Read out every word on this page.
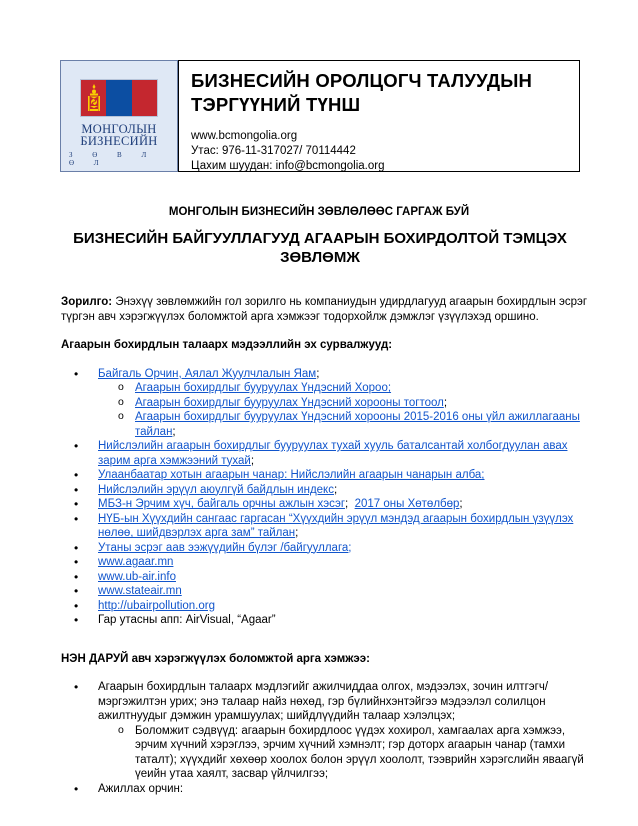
МОНГОЛЫН
БИЗНЕСИЙН
З Ө В Л Ө Л
БИЗНЕСИЙН ОРОЛЦОГЧ ТАЛУУДЫН
ТЭРГҮҮНИЙ ТҮНШ
www.bcmongolia.org
Утас: 976-11-317027/ 70114442
Цахим шуудан: info@bcmongolia.org
МОНГОЛЫН БИЗНЕСИЙН ЗӨВЛӨЛӨӨС ГАРГАЖ БУЙ
БИЗНЕСИЙН БАЙГУУЛЛАГУУД АГААРЫН БОХИРДОЛТОЙ ТЭМЦЭХ ЗӨВЛӨМЖ

Зорилго: Энэхүү зөвлөмжийн гол зорилго нь компаниудын удирдлагууд агаарын бохирдлын эсрэг түргэн авч хэрэгжүүлэх боломжтой арга хэмжээг тодорхойлж дэмжлэг үзүүлэхэд оршино.

Агаарын бохирдлын талаарх мэдээллийн эх сурвалжууд:

• Байгаль Орчин, Аялал Жуулчлалын Яам;
o Агаарын бохирдлыг бууруулах Үндэсний Хороо;
o Агаарын бохирдлыг бууруулах Үндэсний хорооны тогтоол;
o Агаарын бохирдлыг бууруулах Үндэсний хорооны 2015-2016 оны үйл ажиллагааны тайлан;
• Нийслэлийн агаарын бохирдлыг бууруулах тухай хууль баталсантай холбогдуулан авах зарим арга хэмжээний тухай;
• Улаанбаатар хотын агаарын чанар: Нийслэлийн агаарын чанарын алба;
• Нийслэлийн эрүүл аюулгүй байдлын индекс;
• МБЗ-н Эрчим хүч, байгаль орчны ажлын хэсэг;  2017 оны Хөтөлбөр;
• НҮБ-ын Хүүхдийн сангаас гаргасан “Хүүхдийн эрүүл мэндэд агаарын бохирдлын үзүүлэх нөлөө, шийдвэрлэх арга зам” тайлан;
• Утаны эсрэг аав ээжүүдийн бүлэг /байгууллага;
• www.agaar.mn
• www.ub-air.info
• www.stateair.mn
• http://ubairpollution.org
• Гар утасны апп: AirVisual, “Agaar”

НЭН ДАРУЙ авч хэрэгжүүлэх боломжтой арга хэмжээ:

• Агаарын бохирдлын талаарх мэдлэгийг ажилчиддаа олгох, мэдээлэх, зочин илтгэгч/мэргэжилтэн урих; энэ талаар найз нөхөд, гэр бүлийнхэнтэйгээ мэдээлэл солилцон ажилтнуудыг дэмжин урамшуулах; шийдлүүдийн талаар хэлэлцэх;
o Боломжит сэдвүүд: агаарын бохирдлоос үүдэх хохирол, хамгаалах арга хэмжээ, эрчим хүчний хэрэглээ, эрчим хүчний хэмнэлт; гэр доторх агаарын чанар (тамхи таталт); хүүхдийг хөхөөр хоолох болон эрүүл хоололт, тээврийн хэрэгслийн яваагүй үеийн утаа хаялт, засвар үйлчилгээ;
• Ажиллах орчин:
